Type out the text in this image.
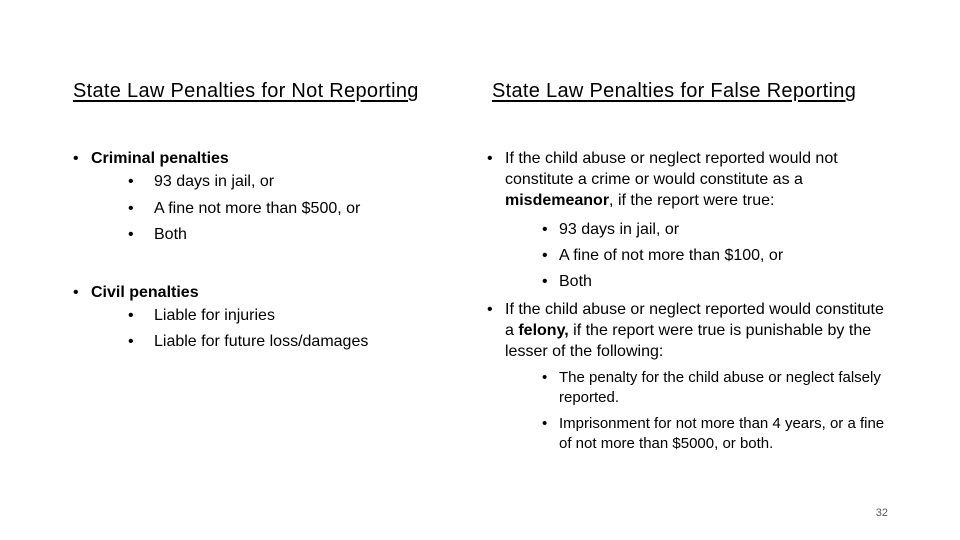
State Law Penalties for Not Reporting	State Law Penalties for False Reporting
• Criminal penalties
• 93 days in jail, or
• A fine not more than $500, or
• Both
• Civil penalties
• Liable for injuries
• Liable for future loss/damages
• If the child abuse or neglect reported would not constitute a crime or would constitute as a misdemeanor, if the report were true:
• 93 days in jail, or
• A fine of not more than $100, or
• Both
• If the child abuse or neglect reported would constitute a felony, if the report were true is punishable by the lesser of the following:
• The penalty for the child abuse or neglect falsely reported.
• Imprisonment for not more than 4 years, or a fine of not more than $5000, or both.
32
